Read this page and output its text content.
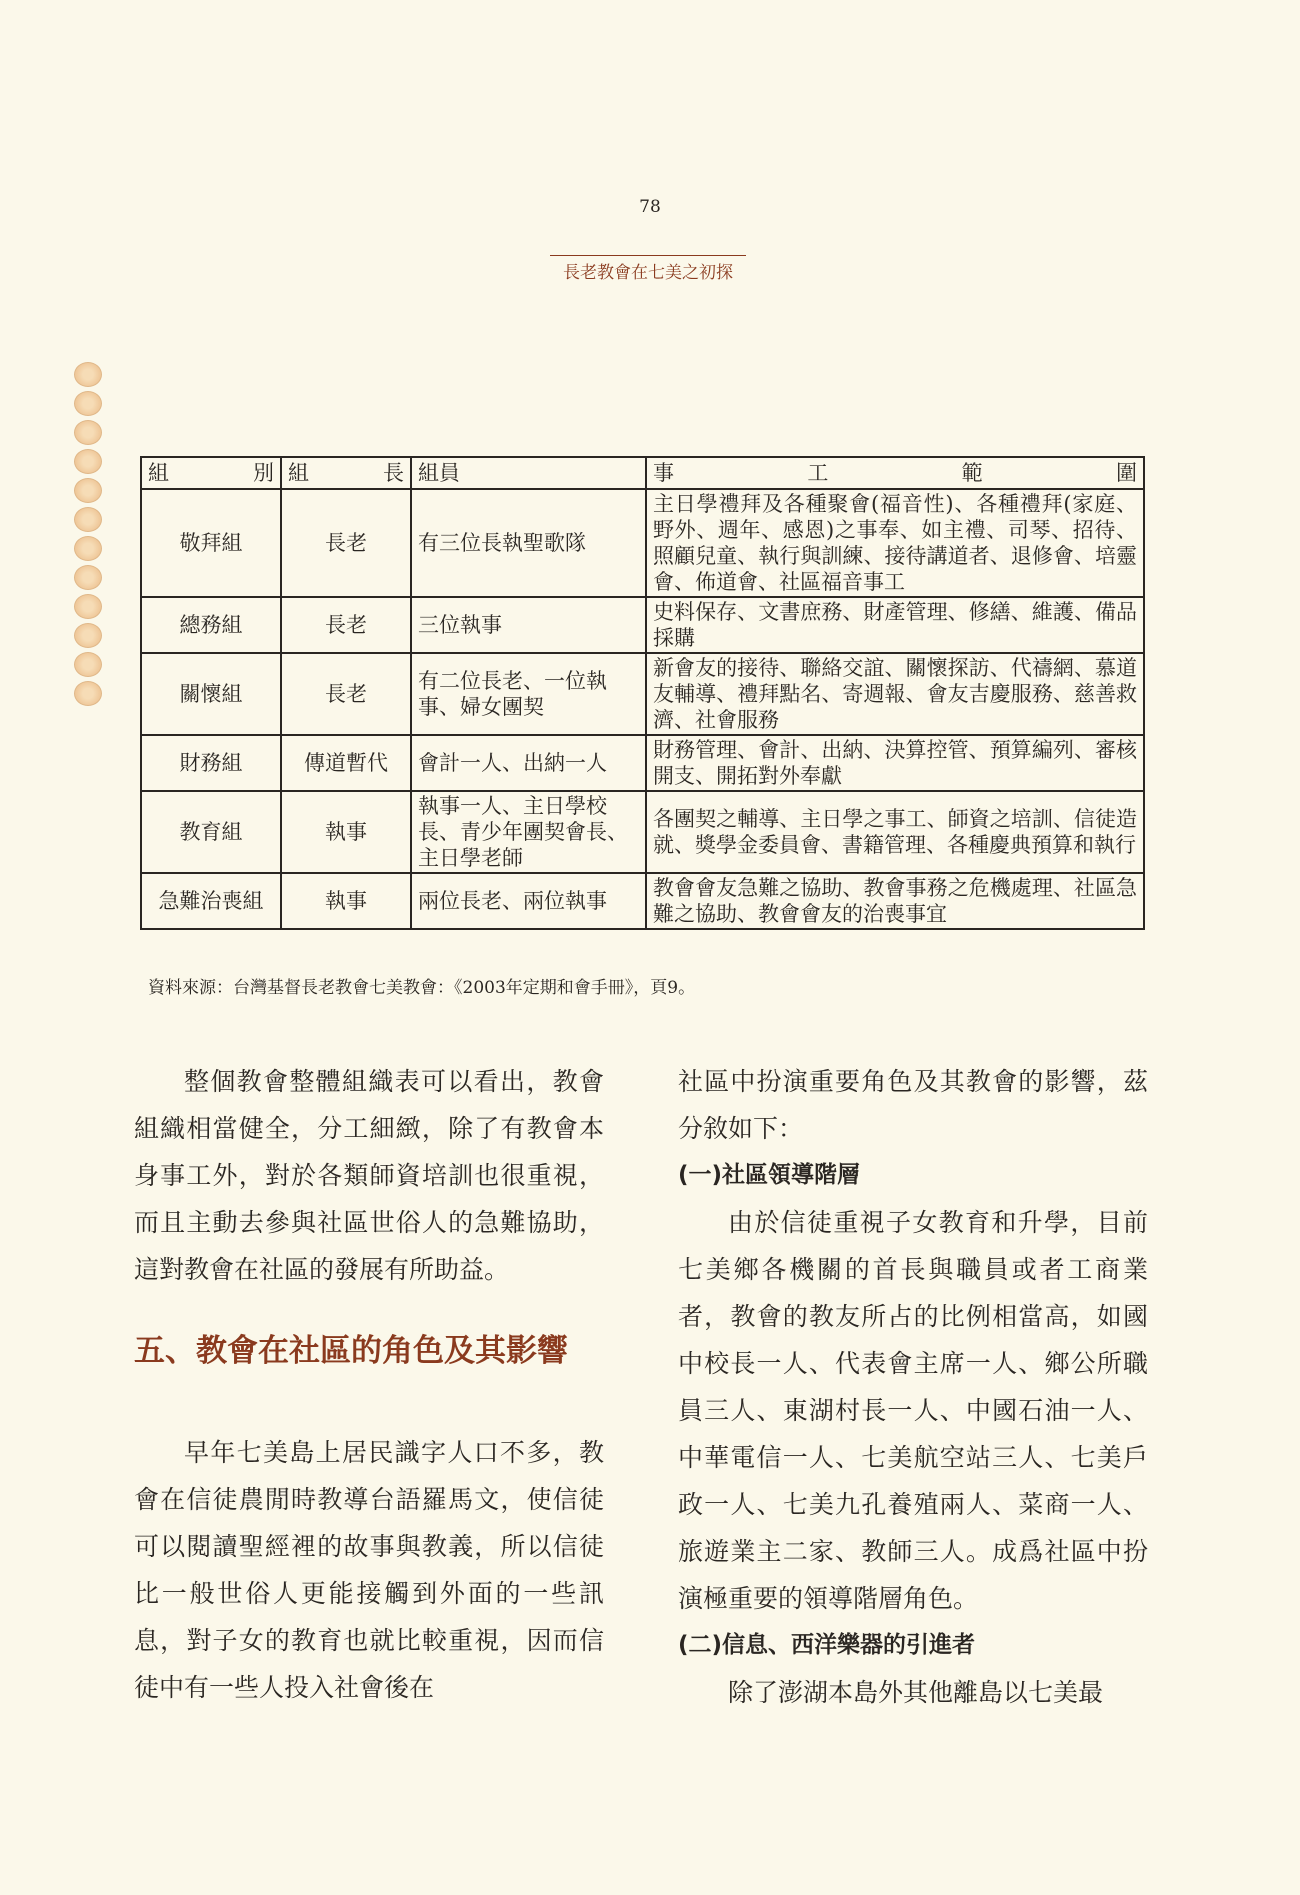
78
長老教會在七美之初探
組 別	組 長	組員	事 工 範 圍

敬拜組	長老	有三位長執聖歌隊	主日學禮拜及各種聚會(福音性)、各種禮拜(家庭、野外、週年、感恩)之事奉、如主禮、司琴、招待、照顧兒童、執行與訓練、接待講道者、退修會、培靈會、佈道會、社區福音事工
總務組	長老	三位執事	史料保存、文書庶務、財產管理、修繕、維護、備品採購
關懷組	長老	有二位長老、一位執事、婦女團契	新會友的接待、聯絡交誼、關懷探訪、代禱網、慕道友輔導、禮拜點名、寄週報、會友吉慶服務、慈善救濟、社會服務
財務組	傳道暫代	會計一人、出納一人	財務管理、會計、出納、決算控管、預算編列、審核開支、開拓對外奉獻
教育組	執事	執事一人、主日學校長、青少年團契會長、主日學老師	各團契之輔導、主日學之事工、師資之培訓、信徒造就、獎學金委員會、書籍管理、各種慶典預算和執行
急難治喪組	執事	兩位長老、兩位執事	教會會友急難之協助、教會事務之危機處理、社區急難之協助、教會會友的治喪事宜
資料來源：台灣基督長老教會七美教會：《2003年定期和會手冊》，頁9。

整個教會整體組織表可以看出，教會組織相當健全，分工細緻，除了有教會本身事工外，對於各類師資培訓也很重視，而且主動去參與社區世俗人的急難協助，這對教會在社區的發展有所助益。

五、教會在社區的角色及其影響

早年七美島上居民識字人口不多，教會在信徒農閒時教導台語羅馬文，使信徒可以閱讀聖經裡的故事與教義，所以信徒比一般世俗人更能接觸到外面的一些訊息，對子女的教育也就比較重視，因而信徒中有一些人投入社會後在

社區中扮演重要角色及其教會的影響，茲分敘如下：

(一)社區領導階層

由於信徒重視子女教育和升學，目前七美鄉各機關的首長與職員或者工商業者，教會的教友所占的比例相當高，如國中校長一人、代表會主席一人、鄉公所職員三人、東湖村長一人、中國石油一人、中華電信一人、七美航空站三人、七美戶政一人、七美九孔養殖兩人、菜商一人、旅遊業主二家、教師三人。成爲社區中扮演極重要的領導階層角色。

(二)信息、西洋樂器的引進者

除了澎湖本島外其他離島以七美最
